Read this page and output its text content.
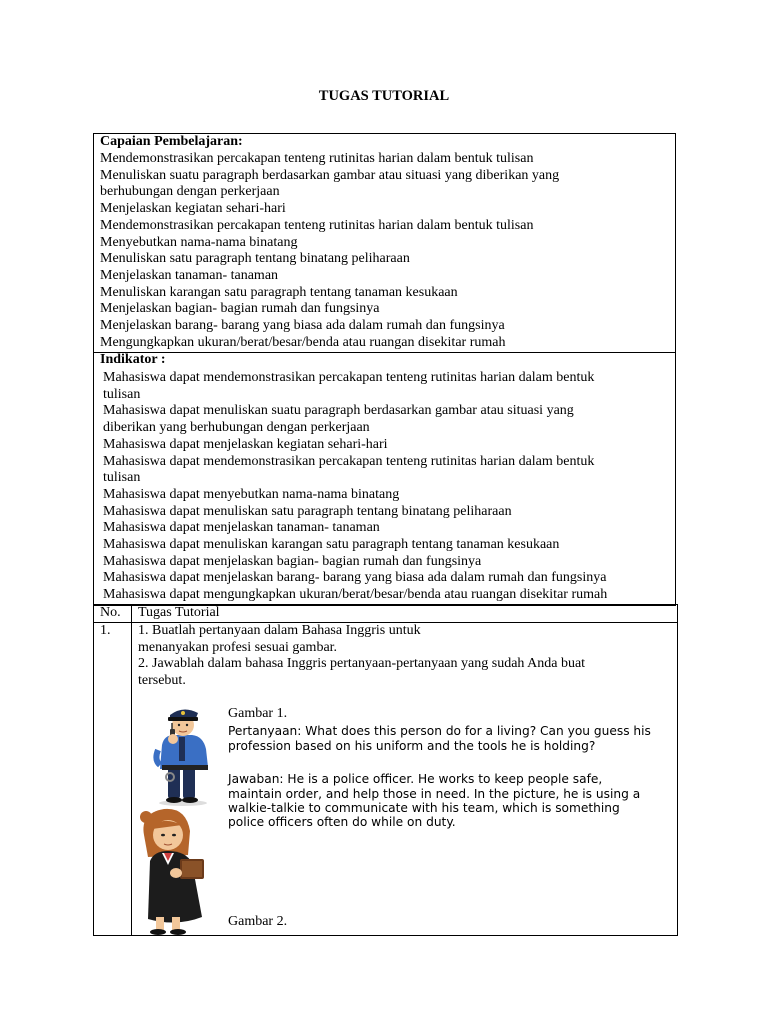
TUGAS TUTORIAL
Capaian Pembelajaran:
Mendemonstrasikan percakapan tenteng rutinitas harian dalam bentuk tulisan
Menuliskan suatu paragraph berdasarkan gambar atau situasi yang diberikan yang
berhubungan dengan perkerjaan
Menjelaskan kegiatan sehari-hari
Mendemonstrasikan percakapan tenteng rutinitas harian dalam bentuk tulisan
Menyebutkan nama-nama binatang
Menuliskan satu paragraph tentang binatang peliharaan
Menjelaskan tanaman- tanaman
Menuliskan karangan satu paragraph tentang tanaman kesukaan
Menjelaskan bagian- bagian rumah dan fungsinya
Menjelaskan barang- barang yang biasa ada dalam rumah dan fungsinya
Mengungkapkan ukuran/berat/besar/benda atau ruangan disekitar rumah
Indikator :
Mahasiswa dapat mendemonstrasikan percakapan tenteng rutinitas harian dalam bentuk
tulisan
Mahasiswa dapat menuliskan suatu paragraph berdasarkan gambar atau situasi yang
diberikan yang berhubungan dengan perkerjaan
Mahasiswa dapat menjelaskan kegiatan sehari-hari
Mahasiswa dapat mendemonstrasikan percakapan tenteng rutinitas harian dalam bentuk
tulisan
Mahasiswa dapat menyebutkan nama-nama binatang
Mahasiswa dapat menuliskan satu paragraph tentang binatang peliharaan
Mahasiswa dapat menjelaskan tanaman- tanaman
Mahasiswa dapat menuliskan karangan satu paragraph tentang tanaman kesukaan
Mahasiswa dapat menjelaskan bagian- bagian rumah dan fungsinya
Mahasiswa dapat menjelaskan barang- barang yang biasa ada dalam rumah dan fungsinya
Mahasiswa dapat mengungkapkan ukuran/berat/besar/benda atau ruangan disekitar rumah
No. Tugas Tutorial
1. 1. Buatlah pertanyaan dalam Bahasa Inggris untuk
menanyakan profesi sesuai gambar.
2. Jawablah dalam bahasa Inggris pertanyaan-pertanyaan yang sudah Anda buat
tersebut.
Gambar 1.
Pertanyaan: What does this person do for a living? Can you guess his
profession based on his uniform and the tools he is holding?
Jawaban: He is a police officer. He works to keep people safe,
maintain order, and help those in need. In the picture, he is using a
walkie-talkie to communicate with his team, which is something
police officers often do while on duty.
Gambar 2.
